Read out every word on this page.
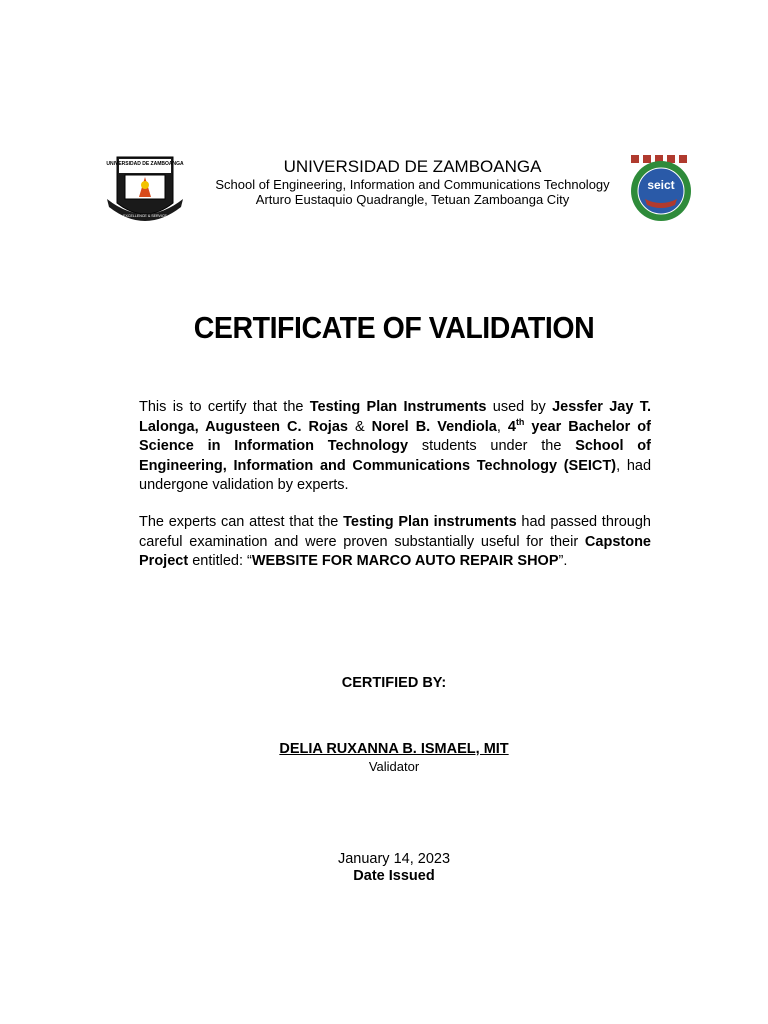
UNIVERSIDAD DE ZAMBOANGA
EXCELLENCE & SERVICE
UNIVERSIDAD DE ZAMBOANGA
School of Engineering, Information and Communications Technology
Arturo Eustaquio Quadrangle, Tetuan Zamboanga City
seict
CERTIFICATE OF VALIDATION

This is to certify that the Testing Plan Instruments used by Jessfer Jay T. Lalonga, Augusteen C. Rojas & Norel B. Vendiola, 4th year Bachelor of Science in Information Technology students under the School of Engineering, Information and Communications Technology (SEICT), had undergone validation by experts.

The experts can attest that the Testing Plan instruments had passed through careful examination and were proven substantially useful for their Capstone Project entitled: “WEBSITE FOR MARCO AUTO REPAIR SHOP”.

CERTIFIED BY:
DELIA RUXANNA B. ISMAEL, MIT
Validator
January 14, 2023
Date Issued
